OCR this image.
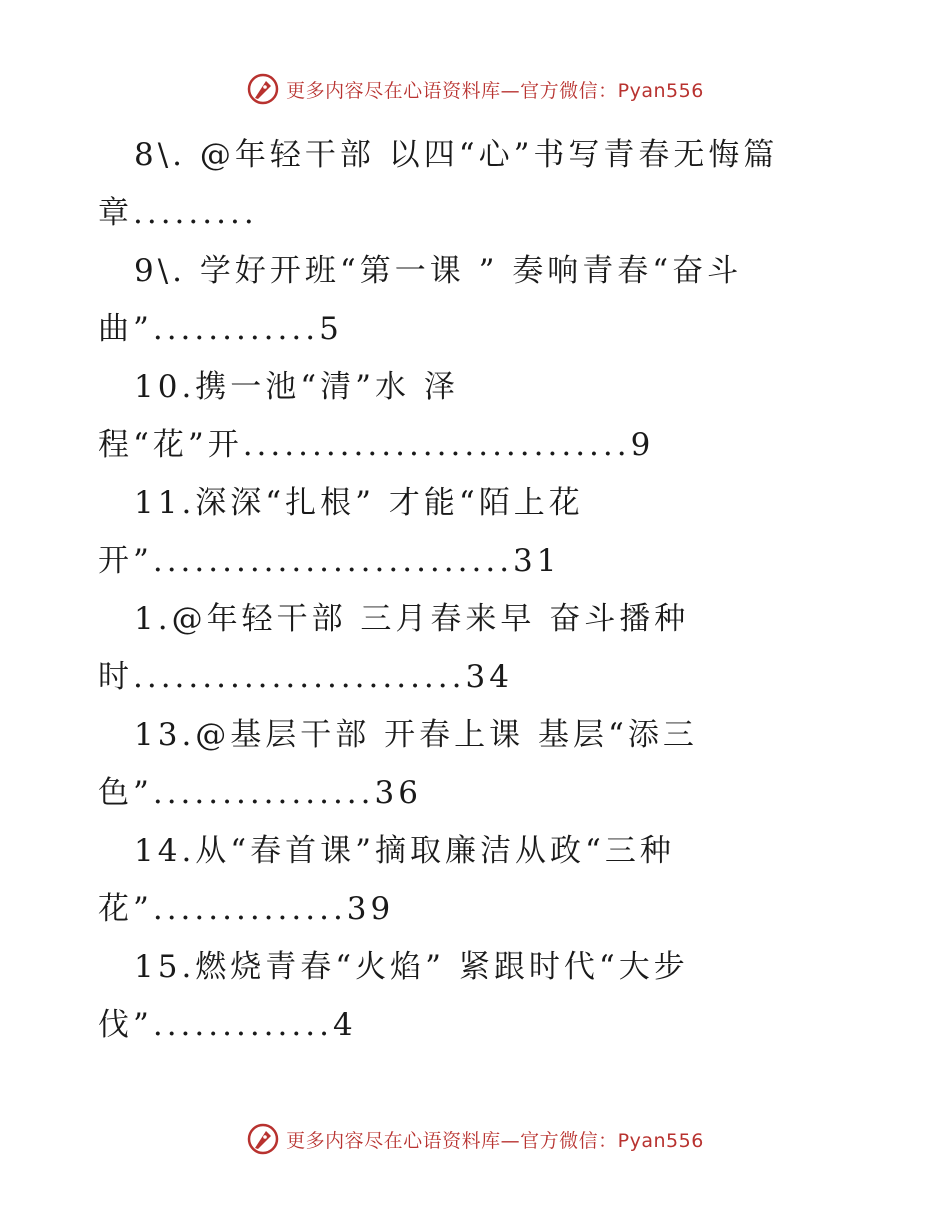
更多内容尽在心语资料库—官方微信：Pyan556
8\. @年轻干部 以四“心”书写青春无悔篇
章.........
9\. 学好开班“第一课 ” 奏响青春“奋斗
曲”............5
10.携一池“清”水 泽
程“花”开............................9
11.深深“扎根” 才能“陌上花
开”..........................31
1.@年轻干部 三月春来早 奋斗播种
时........................34
13.@基层干部 开春上课 基层“添三
色”................36
14.从“春首课”摘取廉洁从政“三种
花”..............39
15.燃烧青春“火焰” 紧跟时代“大步
伐”.............4
更多内容尽在心语资料库—官方微信：Pyan556
